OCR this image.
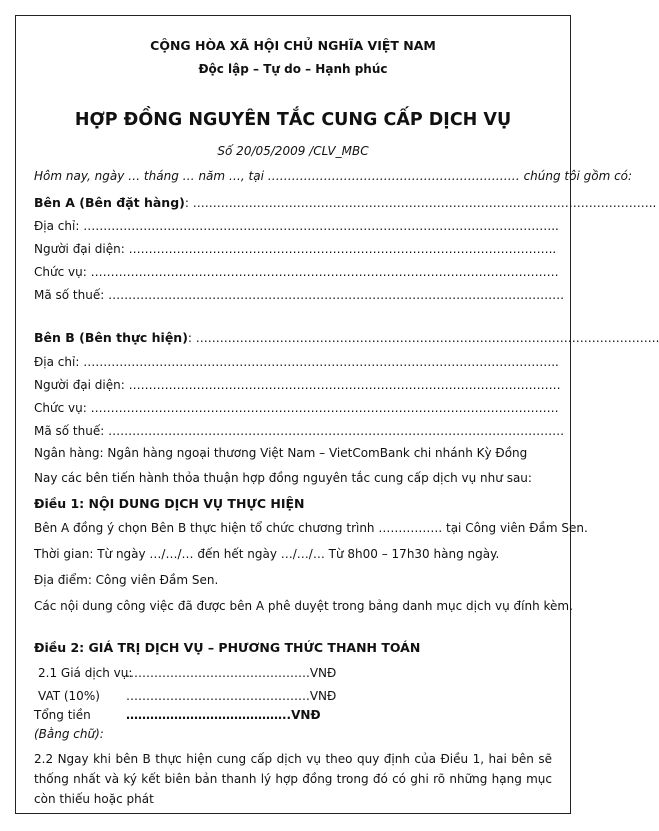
CỘNG HÒA XÃ HỘI CHỦ NGHĨA VIỆT NAM
Độc lập – Tự do – Hạnh phúc
HỢP ĐỒNG NGUYÊN TẮC CUNG CẤP DỊCH VỤ
Số 20/05/2009 /CLV_MBC
Hôm nay, ngày … tháng … năm …, tại ……………………………………………………… chúng tôi gồm có:
Bên A (Bên đặt hàng): ……………………………………………………………………………………………………..
Địa chỉ: ………………………………………………………………………………………………………..
Người đại diện: ……………………………………………………………………………………………..
Chức vụ: ………………………………………………………………………………………………………
Mã số thuế: ……………………………………………………………………………………………………
Bên B (Bên thực hiện): ……………………………………………………………………………………………………..
Địa chỉ: ………………………………………………………………………………………………………..
Người đại diện: ………………………………………………………………………………………………
Chức vụ: ………………………………………………………………………………………………………
Mã số thuế: ……………………………………………………………………………………………………
Ngân hàng: Ngân hàng ngoại thương Việt Nam – VietComBank chi nhánh Kỳ Đồng
Nay các bên tiến hành thỏa thuận hợp đồng nguyên tắc cung cấp dịch vụ như sau:
Điều 1: NỘI DUNG DỊCH VỤ THỰC HIỆN
Bên A đồng ý chọn Bên B thực hiện tổ chức chương trình ……………. tại Công viên Đầm Sen.
Thời gian: Từ ngày …/…/… đến hết ngày …/…/… Từ 8h00 – 17h30 hàng ngày.
Địa điểm: Công viên Đầm Sen.
Các nội dung công việc đã được bên A phê duyệt trong bảng danh mục dịch vụ đính kèm.
Điều 2: GIÁ TRỊ DỊCH VỤ – PHƯƠNG THỨC THANH TOÁN
2.1 Giá dịch vụ:
……………………………………….VNĐ
VAT (10%) ……………………………………….VNĐ
Tổng tiền	…………………………………..VNĐ
(Bằng chữ):
2.2 Ngay khi bên B thực hiện cung cấp dịch vụ theo quy định của Điều 1, hai bên sẽ thống nhất và ký kết biên bản thanh lý hợp đồng trong đó có ghi rõ những hạng mục còn thiếu hoặc phát
